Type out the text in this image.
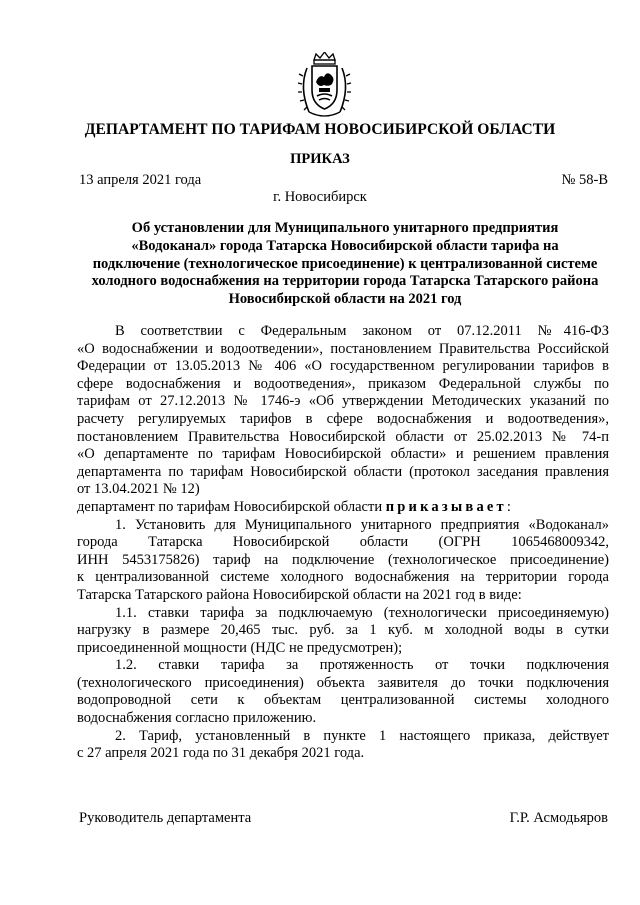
ДЕПАРТАМЕНТ ПО ТАРИФАМ НОВОСИБИРСКОЙ ОБЛАСТИ
ПРИКАЗ
13 апреля 2021 года	№ 58-В
г. Новосибирск
Об установлении для Муниципального унитарного предприятия
«Водоканал» города Татарска Новосибирской области тарифа на
подключение (технологическое присоединение) к централизованной системе
холодного водоснабжения на территории города Татарска Татарского района
Новосибирской области на 2021 год
В соответствии с Федеральным законом от 07.12.2011 №416-ФЗ
«О водоснабжении и водоотведении», постановлением Правительства Российской
Федерации от 13.05.2013 № 406 «О государственном регулировании тарифов в
сфере водоснабжения и водоотведения», приказом Федеральной службы по
тарифам от 27.12.2013 № 1746-э «Об утверждении Методических указаний по
расчету регулируемых тарифов в сфере водоснабжения и водоотведения»,
постановлением Правительства Новосибирской области от 25.02.2013 № 74-п
«О департаменте по тарифам Новосибирской области» и решением правления
департамента по тарифам Новосибирской области (протокол заседания правления
от 13.04.2021 № 12)
департамент по тарифам Новосибирской области приказывает:
1. Установить для Муниципального унитарного предприятия «Водоканал»
города Татарска Новосибирской области (ОГРН 1065468009342,
ИНН 5453175826) тариф на подключение (технологическое присоединение)
к централизованной системе холодного водоснабжения на территории города
Татарска Татарского района Новосибирской области на 2021 год в виде:
1.1. ставки тарифа за подключаемую (технологически присоединяемую)
нагрузку в размере 20,465 тыс. руб. за 1 куб. м холодной воды в сутки
присоединенной мощности (НДС не предусмотрен);
1.2. ставки тарифа за протяженность от точки подключения
(технологического присоединения) объекта заявителя до точки подключения
водопроводной сети к объектам централизованной системы холодного
водоснабжения согласно приложению.
2. Тариф, установленный в пункте 1 настоящего приказа, действует
с 27 апреля 2021 года по 31 декабря 2021 года.
Руководитель департамента	Г.Р. Асмодьяров
